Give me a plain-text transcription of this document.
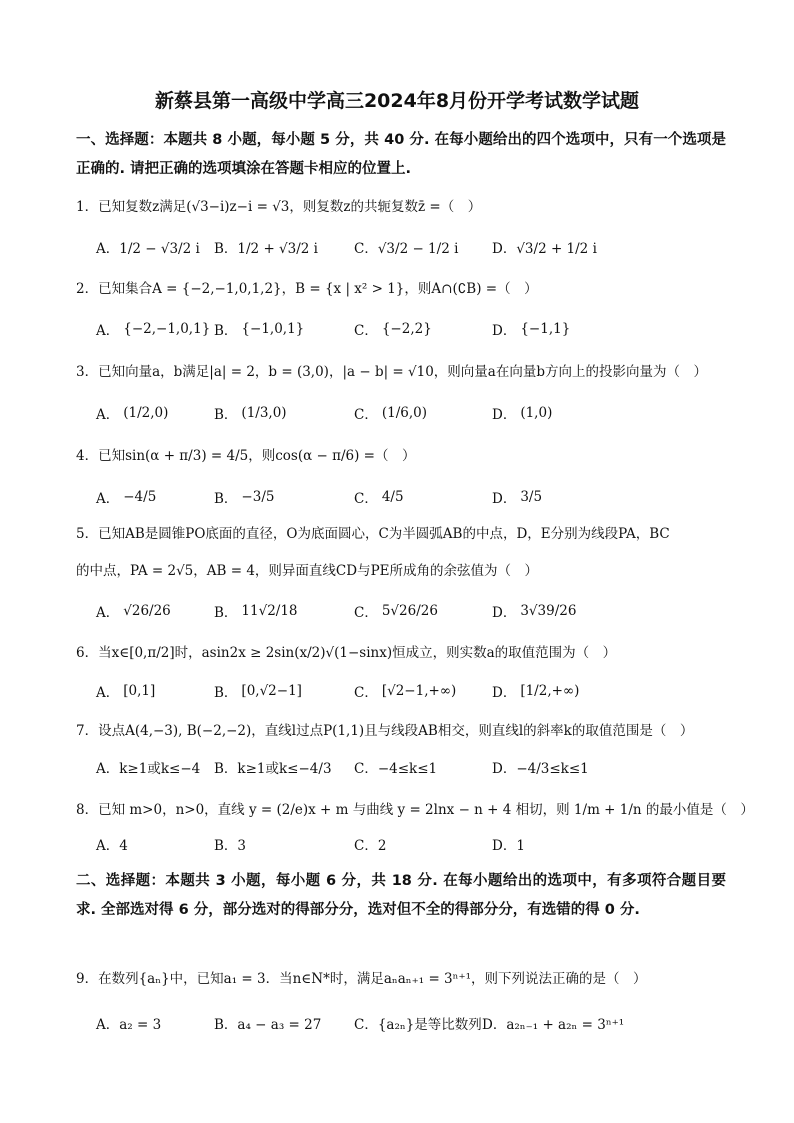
新蔡县第一高级中学高三2024年8月份开学考试数学试题
一、选择题：本题共 8 小题，每小题 5 分，共 40 分. 在每小题给出的四个选项中，只有一个选项是正确的. 请把正确的选项填涂在答题卡相应的位置上.
1．已知复数z满足(√3−i)z−i = √3，则复数z的共轭复数z̄ =（　）
A．1/2 − √3/2 i B．1/2 + √3/2 i	C．√3/2 − 1/2 i D．√3/2 + 1/2 i
2．已知集合A = {−2,−1,0,1,2}，B = {x | x² > 1}，则A∩(∁B) =（　）
A． {−2,−1,0,1} B． {−1,0,1}	C． {−2,2}	D． {−1,1}
3．已知向量a，b满足|a| = 2，b = (3,0)，|a − b| = √10，则向量a在向量b方向上的投影向量为（　）
A． (1/2,0)	B． (1/3,0)	C． (1/6,0)	D． (1,0)
4．已知sin(α + π/3) = 4/5，则cos(α − π/6) =（　）
A． −4/5	B． −3/5	C． 4/5	D． 3/5
5．已知AB是圆锥PO底面的直径，O为底面圆心，C为半圆弧AB的中点，D，E分别为线段PA，BC
的中点，PA = 2√5，AB = 4，则异面直线CD与PE所成角的余弦值为（　）
A． √26/26	B． 11√2/18	C． 5√26/26	D． 3√39/26
6．当x∈[0,π/2]时，asin2x ≥ 2sin(x/2)√(1−sinx)恒成立，则实数a的取值范围为（　）
A． [0,1]	B． [0,√2−1]	C． [√2−1,+∞)	D． [1/2,+∞)
7．设点A(4,−3), B(−2,−2)，直线l过点P(1,1)且与线段AB相交，则直线l的斜率k的取值范围是（　）
A．k≥1或k≤−4 B．k≥1或k≤−4/3 C．−4≤k≤1	D．−4/3≤k≤1
8．已知 m>0，n>0，直线 y = (2/e)x + m 与曲线 y = 2lnx − n + 4 相切，则 1/m + 1/n 的最小值是（　）
A．4	B．3	C．2	D．1
二、选择题：本题共 3 小题，每小题 6 分，共 18 分. 在每小题给出的选项中，有多项符合题目要求. 全部选对得 6 分，部分选对的得部分分，选对但不全的得部分分，有选错的得 0 分.
9．在数列{aₙ}中，已知a₁ = 3．当n∈N*时，满足aₙaₙ₊₁ = 3ⁿ⁺¹，则下列说法正确的是（　）
A．a₂ = 3	B．a₄ − a₃ = 27 C．{a₂ₙ}是等比数列 D．a₂ₙ₋₁ + a₂ₙ = 3ⁿ⁺¹
